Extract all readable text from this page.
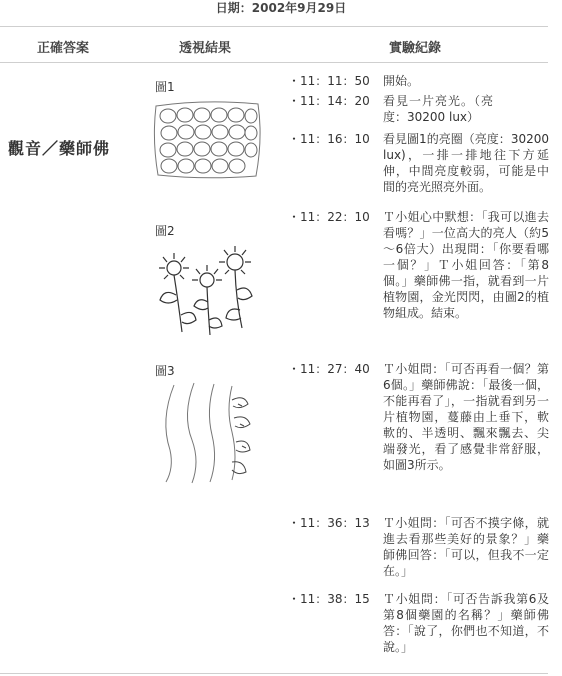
日期：2002年9月29日
正確答案	透視結果	實驗紀錄
觀音／藥師佛
圖1
圖2
圖3
・11：11：50	開始。
・11：14：20	看見一片亮光。（亮度：30200 lux）
・11：16：10	看見圖1的亮圈（亮度：30200 lux)，一排一排地往下方延伸，中間亮度較弱，可能是中間的亮光照亮外面。
・11：22：10	Ｔ小姐心中默想：「我可以進去看嗎？」一位高大的亮人（約5～6倍大）出現問：「你要看哪一個？」Ｔ小姐回答：「第8個。」藥師佛一指，就看到一片植物園，金光閃閃，由圖2的植物組成。結束。
・11：27：40	Ｔ小姐問：「可否再看一個？第6個。」藥師佛說：「最後一個，不能再看了」，一指就看到另一片植物園，蔓藤由上垂下，軟軟的、半透明、飄來飄去、尖端發光，看了感覺非常舒服，如圖3所示。
・11：36：13	Ｔ小姐問：「可否不摸字條，就進去看那些美好的景象？」藥師佛回答：「可以，但我不一定在。」
・11：38：15	Ｔ小姐問：「可否告訴我第6及第8個藥園的名稱？」藥師佛答：「說了，你們也不知道，不說。」
